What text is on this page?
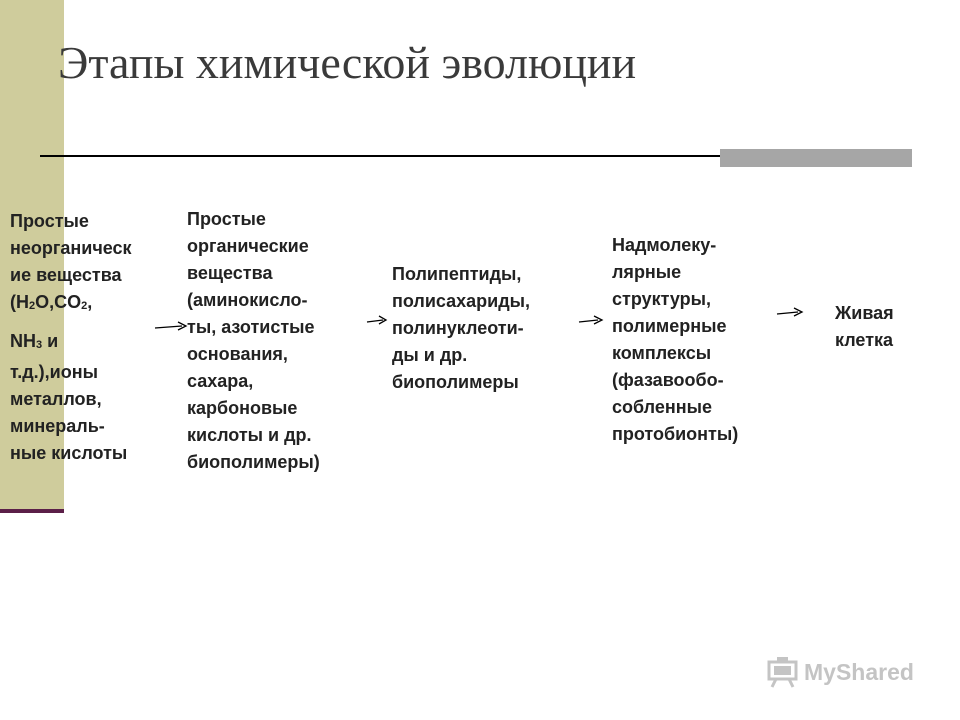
Этапы химической эволюции

Простые

неорганическ

ие вещества

($H_2O,CO_2$,

$NH_3$ и

т.д.),ионы

металлов,

минераль-

ные кислоты

Простые

органические

вещества

(аминокисло-

ты, азотистые

основания,

сахара,

карбоновые

кислоты и др.

биополимеры)

Полипептиды,

полисахариды,

полинуклеоти-

ды и др.

биополимеры

Надмолеку-

лярные

структуры,

полимерные

комплексы

(фазавообо-

собленные

протобионты)

Живая

клетка

MyShared
